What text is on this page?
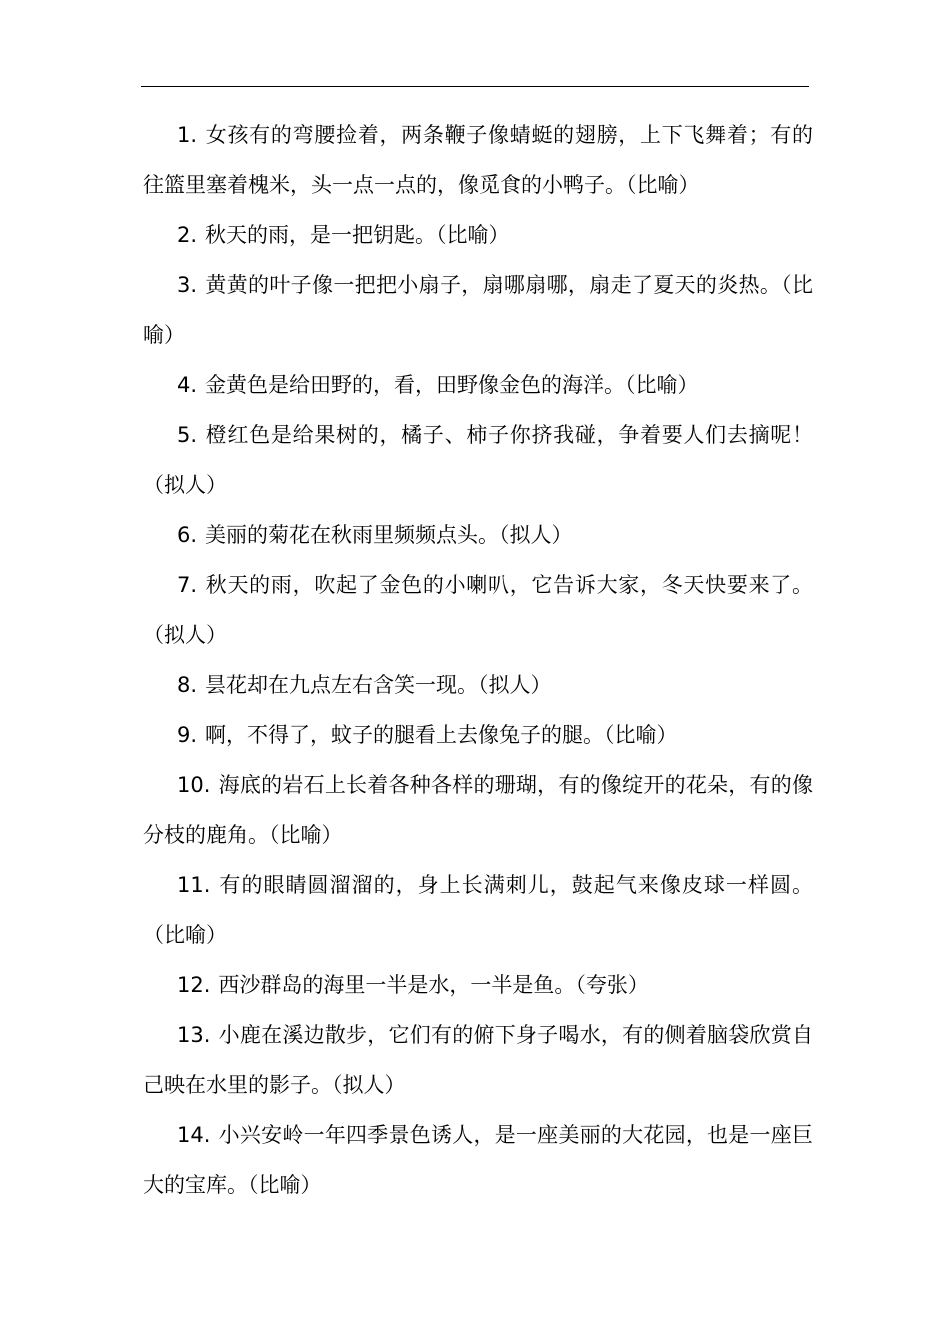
1. 女孩有的弯腰捡着，两条鞭子像蜻蜓的翅膀，上下飞舞着；有的往篮里塞着槐米，头一点一点的，像觅食的小鸭子。（比喻）

2. 秋天的雨，是一把钥匙。（比喻）

3. 黄黄的叶子像一把把小扇子，扇哪扇哪，扇走了夏天的炎热。（比喻）

4. 金黄色是给田野的，看，田野像金色的海洋。（比喻）

5. 橙红色是给果树的，橘子、柿子你挤我碰，争着要人们去摘呢！（拟人）

6. 美丽的菊花在秋雨里频频点头。（拟人）

7. 秋天的雨，吹起了金色的小喇叭，它告诉大家，冬天快要来了。（拟人）

8. 昙花却在九点左右含笑一现。（拟人）

9. 啊，不得了，蚊子的腿看上去像兔子的腿。（比喻）

10. 海底的岩石上长着各种各样的珊瑚，有的像绽开的花朵，有的像分枝的鹿角。（比喻）

11. 有的眼睛圆溜溜的，身上长满刺儿，鼓起气来像皮球一样圆。（比喻）

12. 西沙群岛的海里一半是水，一半是鱼。（夸张）

13. 小鹿在溪边散步，它们有的俯下身子喝水，有的侧着脑袋欣赏自己映在水里的影子。（拟人）

14. 小兴安岭一年四季景色诱人，是一座美丽的大花园，也是一座巨大的宝库。（比喻）
